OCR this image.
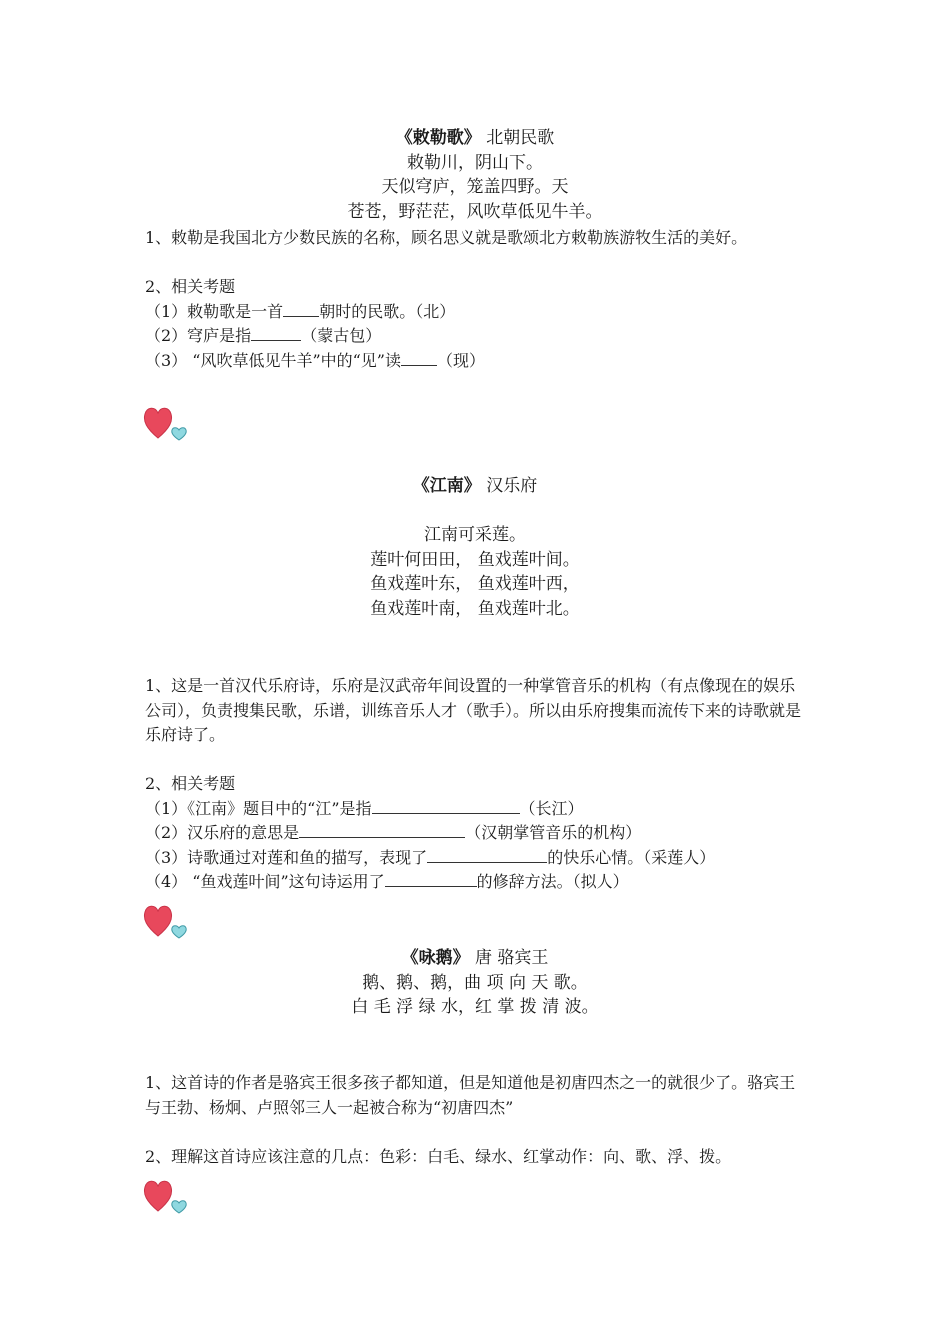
《敕勒歌》 北朝民歌
敕勒川，阴山下。
天似穹庐，笼盖四野。天
苍苍，野茫茫，风吹草低见牛羊。
1、敕勒是我国北方少数民族的名称，顾名思义就是歌颂北方敕勒族游牧生活的美好。
2、相关考题
（1）敕勒歌是一首 朝时的民歌。（北）
（2）穹庐是指	（蒙古包）
（3） “风吹草低见牛羊”中的“见”读 （现）
《江南》 汉乐府
江南可采莲。
莲叶何田田， 鱼戏莲叶间。
鱼戏莲叶东， 鱼戏莲叶西，
鱼戏莲叶南， 鱼戏莲叶北。
1、这是一首汉代乐府诗，乐府是汉武帝年间设置的一种掌管音乐的机构（有点像现在的娱乐公司），负责搜集民歌，乐谱，训练音乐人才（歌手）。所以由乐府搜集而流传下来的诗歌就是乐府诗了。
2、相关考题
（1）《江南》题目中的“江”是指	（长江）
（2）汉乐府的意思是	（汉朝掌管音乐的机构）
（3）诗歌通过对莲和鱼的描写，表现了	的快乐心情。（采莲人）
（4） “鱼戏莲叶间”这句诗运用了	的修辞方法。（拟人）
《咏鹅》 唐 骆宾王
鹅、鹅、鹅，曲 项 向 天 歌。
白 毛 浮 绿 水，红 掌 拨 清 波。
1、这首诗的作者是骆宾王很多孩子都知道，但是知道他是初唐四杰之一的就很少了。骆宾王与王勃、杨炯、卢照邻三人一起被合称为“初唐四杰”
2、理解这首诗应该注意的几点：色彩：白毛、绿水、红掌动作：向、歌、浮、拨。
